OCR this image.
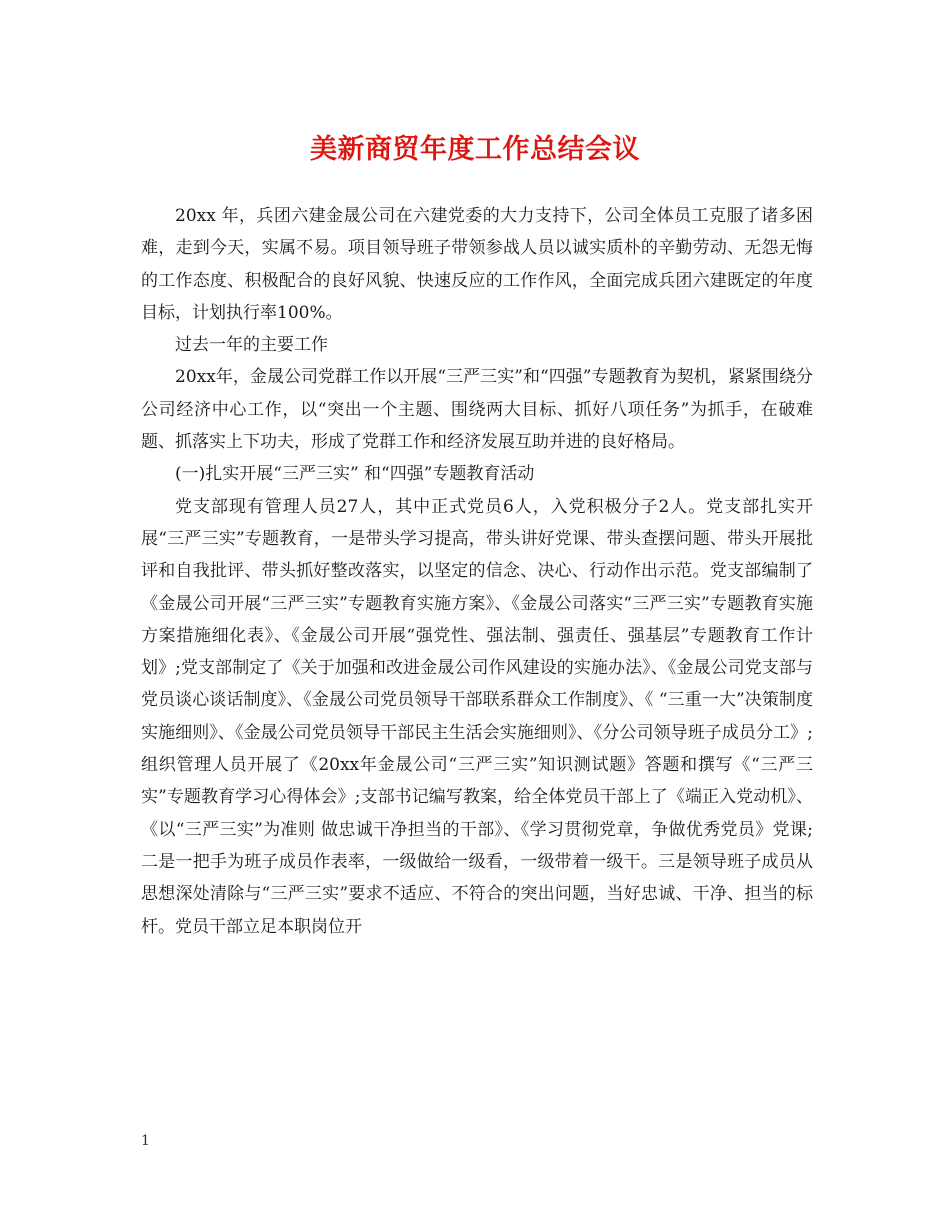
美新商贸年度工作总结会议

20xx 年，兵团六建金晟公司在六建党委的大力支持下，公司全体员工克服了诸多困难，走到今天，实属不易。项目领导班子带领参战人员以诚实质朴的辛勤劳动、无怨无悔的工作态度、积极配合的良好风貌、快速反应的工作作风，全面完成兵团六建既定的年度目标，计划执行率100%。

过去一年的主要工作

20xx年，金晟公司党群工作以开展“三严三实”和“四强”专题教育为契机，紧紧围绕分公司经济中心工作，以“突出一个主题、围绕两大目标、抓好八项任务”为抓手，在破难题、抓落实上下功夫，形成了党群工作和经济发展互助并进的良好格局。

(一)扎实开展“三严三实” 和“四强”专题教育活动

党支部现有管理人员27人，其中正式党员6人，入党积极分子2人。党支部扎实开展“三严三实”专题教育，一是带头学习提高，带头讲好党课、带头查摆问题、带头开展批评和自我批评、带头抓好整改落实，以坚定的信念、决心、行动作出示范。党支部编制了《金晟公司开展“三严三实”专题教育实施方案》、《金晟公司落实“三严三实”专题教育实施方案措施细化表》、《金晟公司开展“强党性、强法制、强责任、强基层”专题教育工作计划》;党支部制定了《关于加强和改进金晟公司作风建设的实施办法》、《金晟公司党支部与党员谈心谈话制度》、《金晟公司党员领导干部联系群众工作制度》、《 “三重一大”决策制度实施细则》、《金晟公司党员领导干部民主生活会实施细则》、《分公司领导班子成员分工》;组织管理人员开展了《20xx年金晟公司“三严三实”知识测试题》答题和撰写《“三严三实”专题教育学习心得体会》;支部书记编写教案，给全体党员干部上了《端正入党动机》、《以“三严三实”为准则 做忠诚干净担当的干部》、《学习贯彻党章，争做优秀党员》党课;二是一把手为班子成员作表率，一级做给一级看，一级带着一级干。三是领导班子成员从思想深处清除与“三严三实”要求不适应、不符合的突出问题，当好忠诚、干净、担当的标杆。党员干部立足本职岗位开

1
